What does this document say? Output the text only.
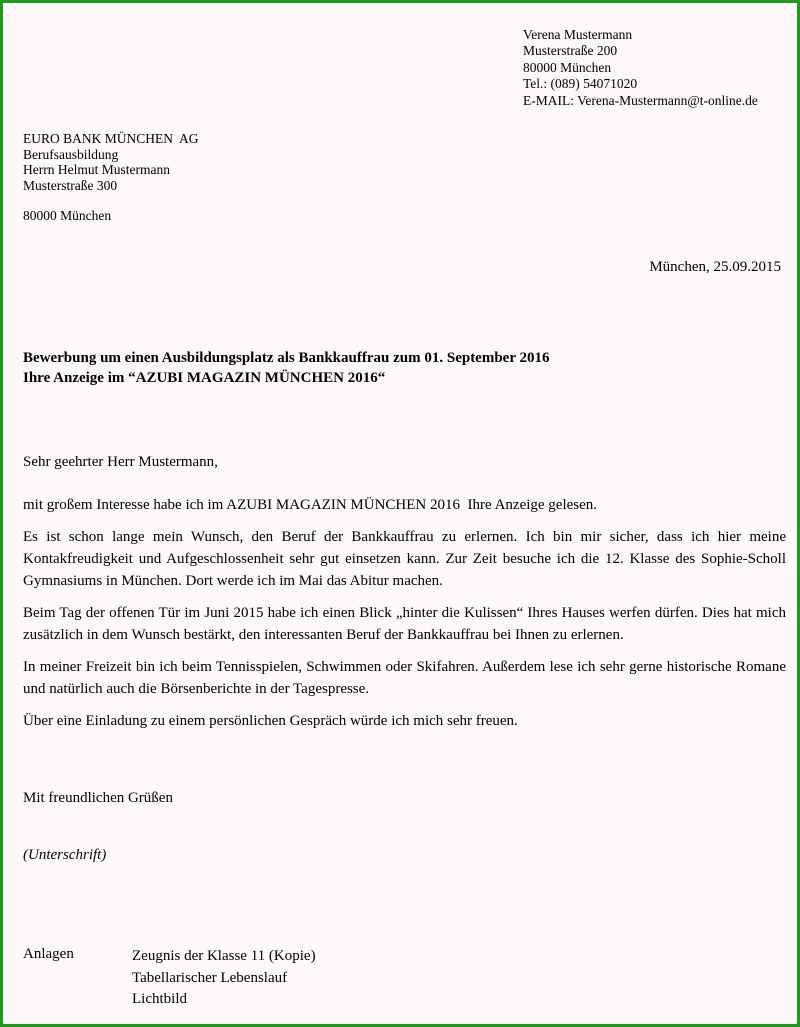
Verena Mustermann
Musterstraße 200
80000 München
Tel.: (089) 54071020
E-MAIL: Verena-Mustermann@t-online.de
EURO BANK MÜNCHEN  AG
Berufsausbildung
Herrn Helmut Mustermann
Musterstraße 300
80000 München
München, 25.09.2015
Bewerbung um einen Ausbildungsplatz als Bankkauffrau zum 01. September 2016
Ihre Anzeige im “AZUBI MAGAZIN MÜNCHEN 2016“
Sehr geehrter Herr Mustermann,

mit großem Interesse habe ich im AZUBI MAGAZIN MÜNCHEN 2016  Ihre Anzeige gelesen.

Es ist schon lange mein Wunsch, den Beruf der Bankkauffrau zu erlernen. Ich bin mir sicher, dass ich hier meine Kontakfreudigkeit und Aufgeschlossenheit sehr gut einsetzen kann. Zur Zeit besuche ich die 12. Klasse des Sophie-Scholl Gymnasiums in München. Dort werde ich im Mai das Abitur machen.

Beim Tag der offenen Tür im Juni 2015 habe ich einen Blick „hinter die Kulissen“ Ihres Hauses werfen dürfen. Dies hat mich zusätzlich in dem Wunsch bestärkt, den interessanten Beruf der Bankkauffrau bei Ihnen zu erlernen.

In meiner Freizeit bin ich beim Tennisspielen, Schwimmen oder Skifahren. Außerdem lese ich sehr gerne historische Romane und natürlich auch die Börsenberichte in der Tagespresse.

Über eine Einladung zu einem persönlichen Gespräch würde ich mich sehr freuen.

Mit freundlichen Grüßen
(Unterschrift)
Anlagen	Zeugnis der Klasse 11 (Kopie)
Tabellarischer Lebenslauf
Lichtbild
